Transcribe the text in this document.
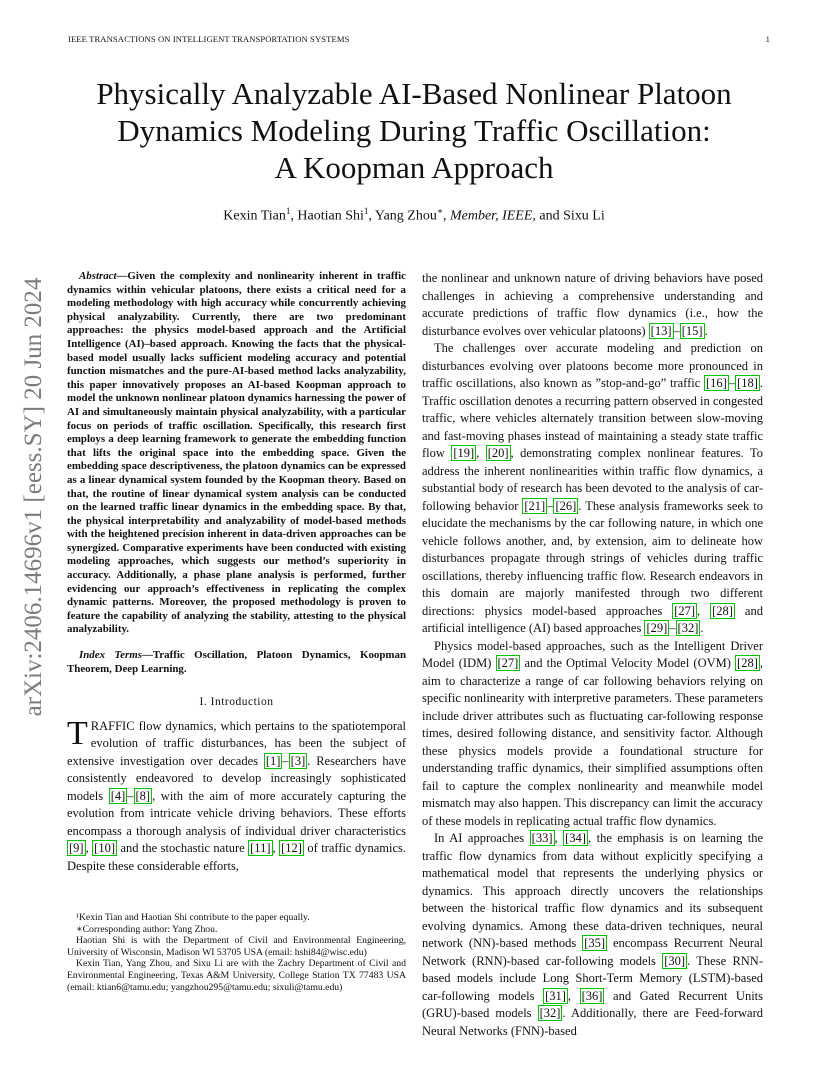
IEEE TRANSACTIONS ON INTELLIGENT TRANSPORTATION SYSTEMS	1
arXiv:2406.14696v1 [eess.SY] 20 Jun 2024
Physically Analyzable AI-Based Nonlinear Platoon
Dynamics Modeling During Traffic Oscillation:
A Koopman Approach
Kexin Tian$^1$, Haotian Shi$^1$, Yang Zhou∗, Member, IEEE, and Sixu Li

Abstract—Given the complexity and nonlinearity inherent in traffic dynamics within vehicular platoons, there exists a critical need for a modeling methodology with high accuracy while concurrently achieving physical analyzability. Currently, there are two predominant approaches: the physics model-based approach and the Artificial Intelligence (AI)–based approach. Knowing the facts that the physical-based model usually lacks sufficient modeling accuracy and potential function mismatches and the pure-AI-based method lacks analyzability, this paper innovatively proposes an AI-based Koopman approach to model the unknown nonlinear platoon dynamics harnessing the power of AI and simultaneously maintain physical analyzability, with a particular focus on periods of traffic oscillation. Specifically, this research first employs a deep learning framework to generate the embedding function that lifts the original space into the embedding space. Given the embedding space descriptiveness, the platoon dynamics can be expressed as a linear dynamical system founded by the Koopman theory. Based on that, the routine of linear dynamical system analysis can be conducted on the learned traffic linear dynamics in the embedding space. By that, the physical interpretability and analyzability of model-based methods with the heightened precision inherent in data-driven approaches can be synergized. Comparative experiments have been conducted with existing modeling approaches, which suggests our method’s superiority in accuracy. Additionally, a phase plane analysis is performed, further evidencing our approach’s effectiveness in replicating the complex dynamic patterns. Moreover, the proposed methodology is proven to feature the capability of analyzing the stability, attesting to the physical analyzability.

Index Terms—Traffic Oscillation, Platoon Dynamics, Koopman Theorem, Deep Learning.

I. Introduction

TRAFFIC flow dynamics, which pertains to the spatiotemporal evolution of traffic disturbances, has been the subject of extensive investigation over decades [1] – [3] . Researchers have consistently endeavored to develop increasingly sophisticated models [4] – [8] , with the aim of more accurately capturing the evolution from intricate vehicle driving behaviors. These efforts encompass a thorough analysis of individual driver characteristics [9] , [10] and the stochastic nature [11] , [12] of traffic dynamics. Despite these considerable efforts,

¹Kexin Tian and Haotian Shi contribute to the paper equally.

∗Corresponding author: Yang Zhou.

Haotian Shi is with the Department of Civil and Environmental Engineering, University of Wisconsin, Madison WI 53705 USA (email: hshi84@wisc.edu)

Kexin Tian, Yang Zhou, and Sixu Li are with the Zachry Department of Civil and Environmental Engineering, Texas A&M University, College Station TX 77483 USA (email: ktian6@tamu.edu; yangzhou295@tamu.edu; sixuli@tamu.edu)

the nonlinear and unknown nature of driving behaviors have posed challenges in achieving a comprehensive understanding and accurate predictions of traffic flow dynamics (i.e., how the disturbance evolves over vehicular platoons) [13] – [15] .

The challenges over accurate modeling and prediction on disturbances evolving over platoons become more pronounced in traffic oscillations, also known as ”stop-and-go” traffic [16] – [18] . Traffic oscillation denotes a recurring pattern observed in congested traffic, where vehicles alternately transition between slow-moving and fast-moving phases instead of maintaining a steady state traffic flow [19] , [20] , demonstrating complex nonlinear features. To address the inherent nonlinearities within traffic flow dynamics, a substantial body of research has been devoted to the analysis of car-following behavior [21] – [26] . These analysis frameworks seek to elucidate the mechanisms by the car following nature, in which one vehicle follows another, and, by extension, aim to delineate how disturbances propagate through strings of vehicles during traffic oscillations, thereby influencing traffic flow. Research endeavors in this domain are majorly manifested through two different directions: physics model-based approaches [27] , [28] and artificial intelligence (AI) based approaches [29] – [32] .

Physics model-based approaches, such as the Intelligent Driver Model (IDM) [27] and the Optimal Velocity Model (OVM) [28] , aim to characterize a range of car following behaviors relying on specific nonlinearity with interpretive parameters. These parameters include driver attributes such as fluctuating car-following response times, desired following distance, and sensitivity factor. Although these physics models provide a foundational structure for understanding traffic dynamics, their simplified assumptions often fail to capture the complex nonlinearity and meanwhile model mismatch may also happen. This discrepancy can limit the accuracy of these models in replicating actual traffic flow dynamics.

In AI approaches [33] , [34] , the emphasis is on learning the traffic flow dynamics from data without explicitly specifying a mathematical model that represents the underlying physics or dynamics. This approach directly uncovers the relationships between the historical traffic flow dynamics and its subsequent evolving dynamics. Among these data-driven techniques, neural network (NN)-based methods [35] encompass Recurrent Neural Network (RNN)-based car-following models [30] . These RNN-based models include Long Short-Term Memory (LSTM)-based car-following models [31] , [36] and Gated Recurrent Units (GRU)-based models [32] . Additionally, there are Feed-forward Neural Networks (FNN)-based
